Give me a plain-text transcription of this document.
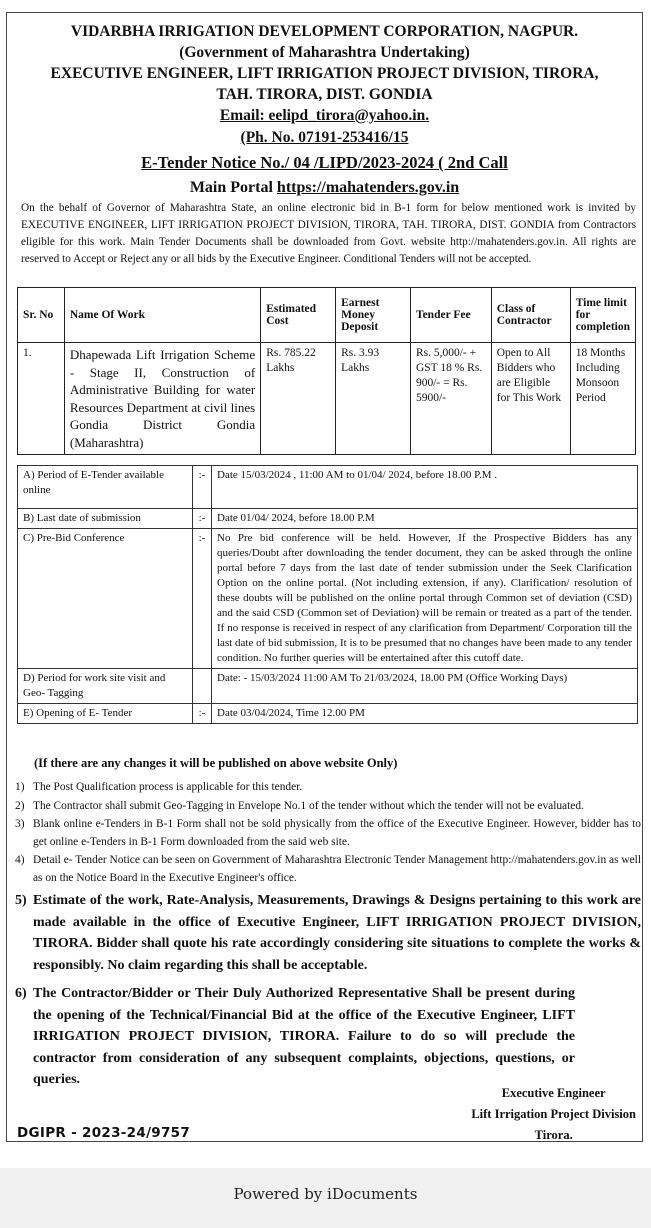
VIDARBHA IRRIGATION DEVELOPMENT CORPORATION, NAGPUR.
(Government of Maharashtra Undertaking)
EXECUTIVE ENGINEER, LIFT IRRIGATION PROJECT DIVISION, TIRORA,
TAH. TIRORA, DIST. GONDIA
Email: eelipd_tirora@yahoo.in.
(Ph. No. 07191-253416/15
E-Tender Notice No./ 04 /LIPD/2023-2024 ( 2nd Call
Main Portal https://mahatenders.gov.in
On the behalf of Governor of Maharashtra State, an online electronic bid in B-1 form for below mentioned work is invited by EXECUTIVE ENGINEER, LIFT IRRIGATION PROJECT DIVISION, TIRORA, TAH. TIRORA, DIST. GONDIA from Contractors eligible for this work. Main Tender Documents shall be downloaded from Govt. website http://mahatenders.gov.in. All rights are reserved to Accept or Reject any or all bids by the Executive Engineer. Conditional Tenders will not be accepted.
Sr. No	Name Of Work	Estimated Cost	Earnest Money Deposit	Tender Fee	Class of Contractor	Time limit for completion
1.	Dhapewada Lift Irrigation Scheme - Stage II, Construction of Administrative Building for water Resources Department at civil lines Gondia District Gondia (Maharashtra)	Rs. 785.22 Lakhs	Rs. 3.93 Lakhs	Rs. 5,000/- + GST 18 % Rs. 900/- = Rs. 5900/-	Open to All Bidders who are Eligible for This Work	18 Months Including Monsoon Period
A) Period of E-Tender available online	:-	Date 15/03/2024 , 11:00 AM to 01/04/ 2024, before 18.00 P.M .
B) Last date of submission	:-	Date 01/04/ 2024, before 18.00 P.M
C) Pre-Bid Conference	:-	No Pre bid conference will be held. However, If the Prospective Bidders has any queries/Doubt after downloading the tender document, they can be asked through the online portal before 7 days from the last date of tender submission under the Seek Clarification Option on the online portal. (Not including extension, if any). Clarification/ resolution of these doubts will be published on the online portal through Common set of deviation (CSD) and the said CSD (Common set of Deviation) will be remain or treated as a part of the tender. If no response is received in respect of any clarification from Department/ Corporation till the last date of bid submission, It is to be presumed that no changes have been made to any tender condition. No further queries will be entertained after this cutoff date.
D) Period for work site visit and Geo- Tagging		Date: - 15/03/2024 11:00 AM To 21/03/2024, 18.00 PM (Office Working Days)
E) Opening of E- Tender	:-	Date 03/04/2024, Time 12.00 PM
(If there are any changes it will be published on above website Only)
1) The Post Qualification process is applicable for this tender.
2) The Contractor shall submit Geo-Tagging in Envelope No.1 of the tender without which the tender will not be evaluated.
3) Blank online e-Tenders in B-1 Form shall not be sold physically from the office of the Executive Engineer. However, bidder has to get online e-Tenders in B-1 Form downloaded from the said web site.
4) Detail e- Tender Notice can be seen on Government of Maharashtra Electronic Tender Management http://mahatenders.gov.in as well as on the Notice Board in the Executive Engineer's office.
5) Estimate of the work, Rate-Analysis, Measurements, Drawings & Designs pertaining to this work are made available in the office of Executive Engineer, LIFT IRRIGATION PROJECT DIVISION, TIRORA. Bidder shall quote his rate accordingly considering site situations to complete the works & responsibly. No claim regarding this shall be acceptable.
6) The Contractor/Bidder or Their Duly Authorized Representative Shall be present during the opening of the Technical/Financial Bid at the office of the Executive Engineer, LIFT IRRIGATION PROJECT DIVISION, TIRORA. Failure to do so will preclude the contractor from consideration of any subsequent complaints, objections, questions, or queries.
Executive Engineer
Lift Irrigation Project Division
Tirora.
DGIPR - 2023-24/9757
Powered by iDocuments
